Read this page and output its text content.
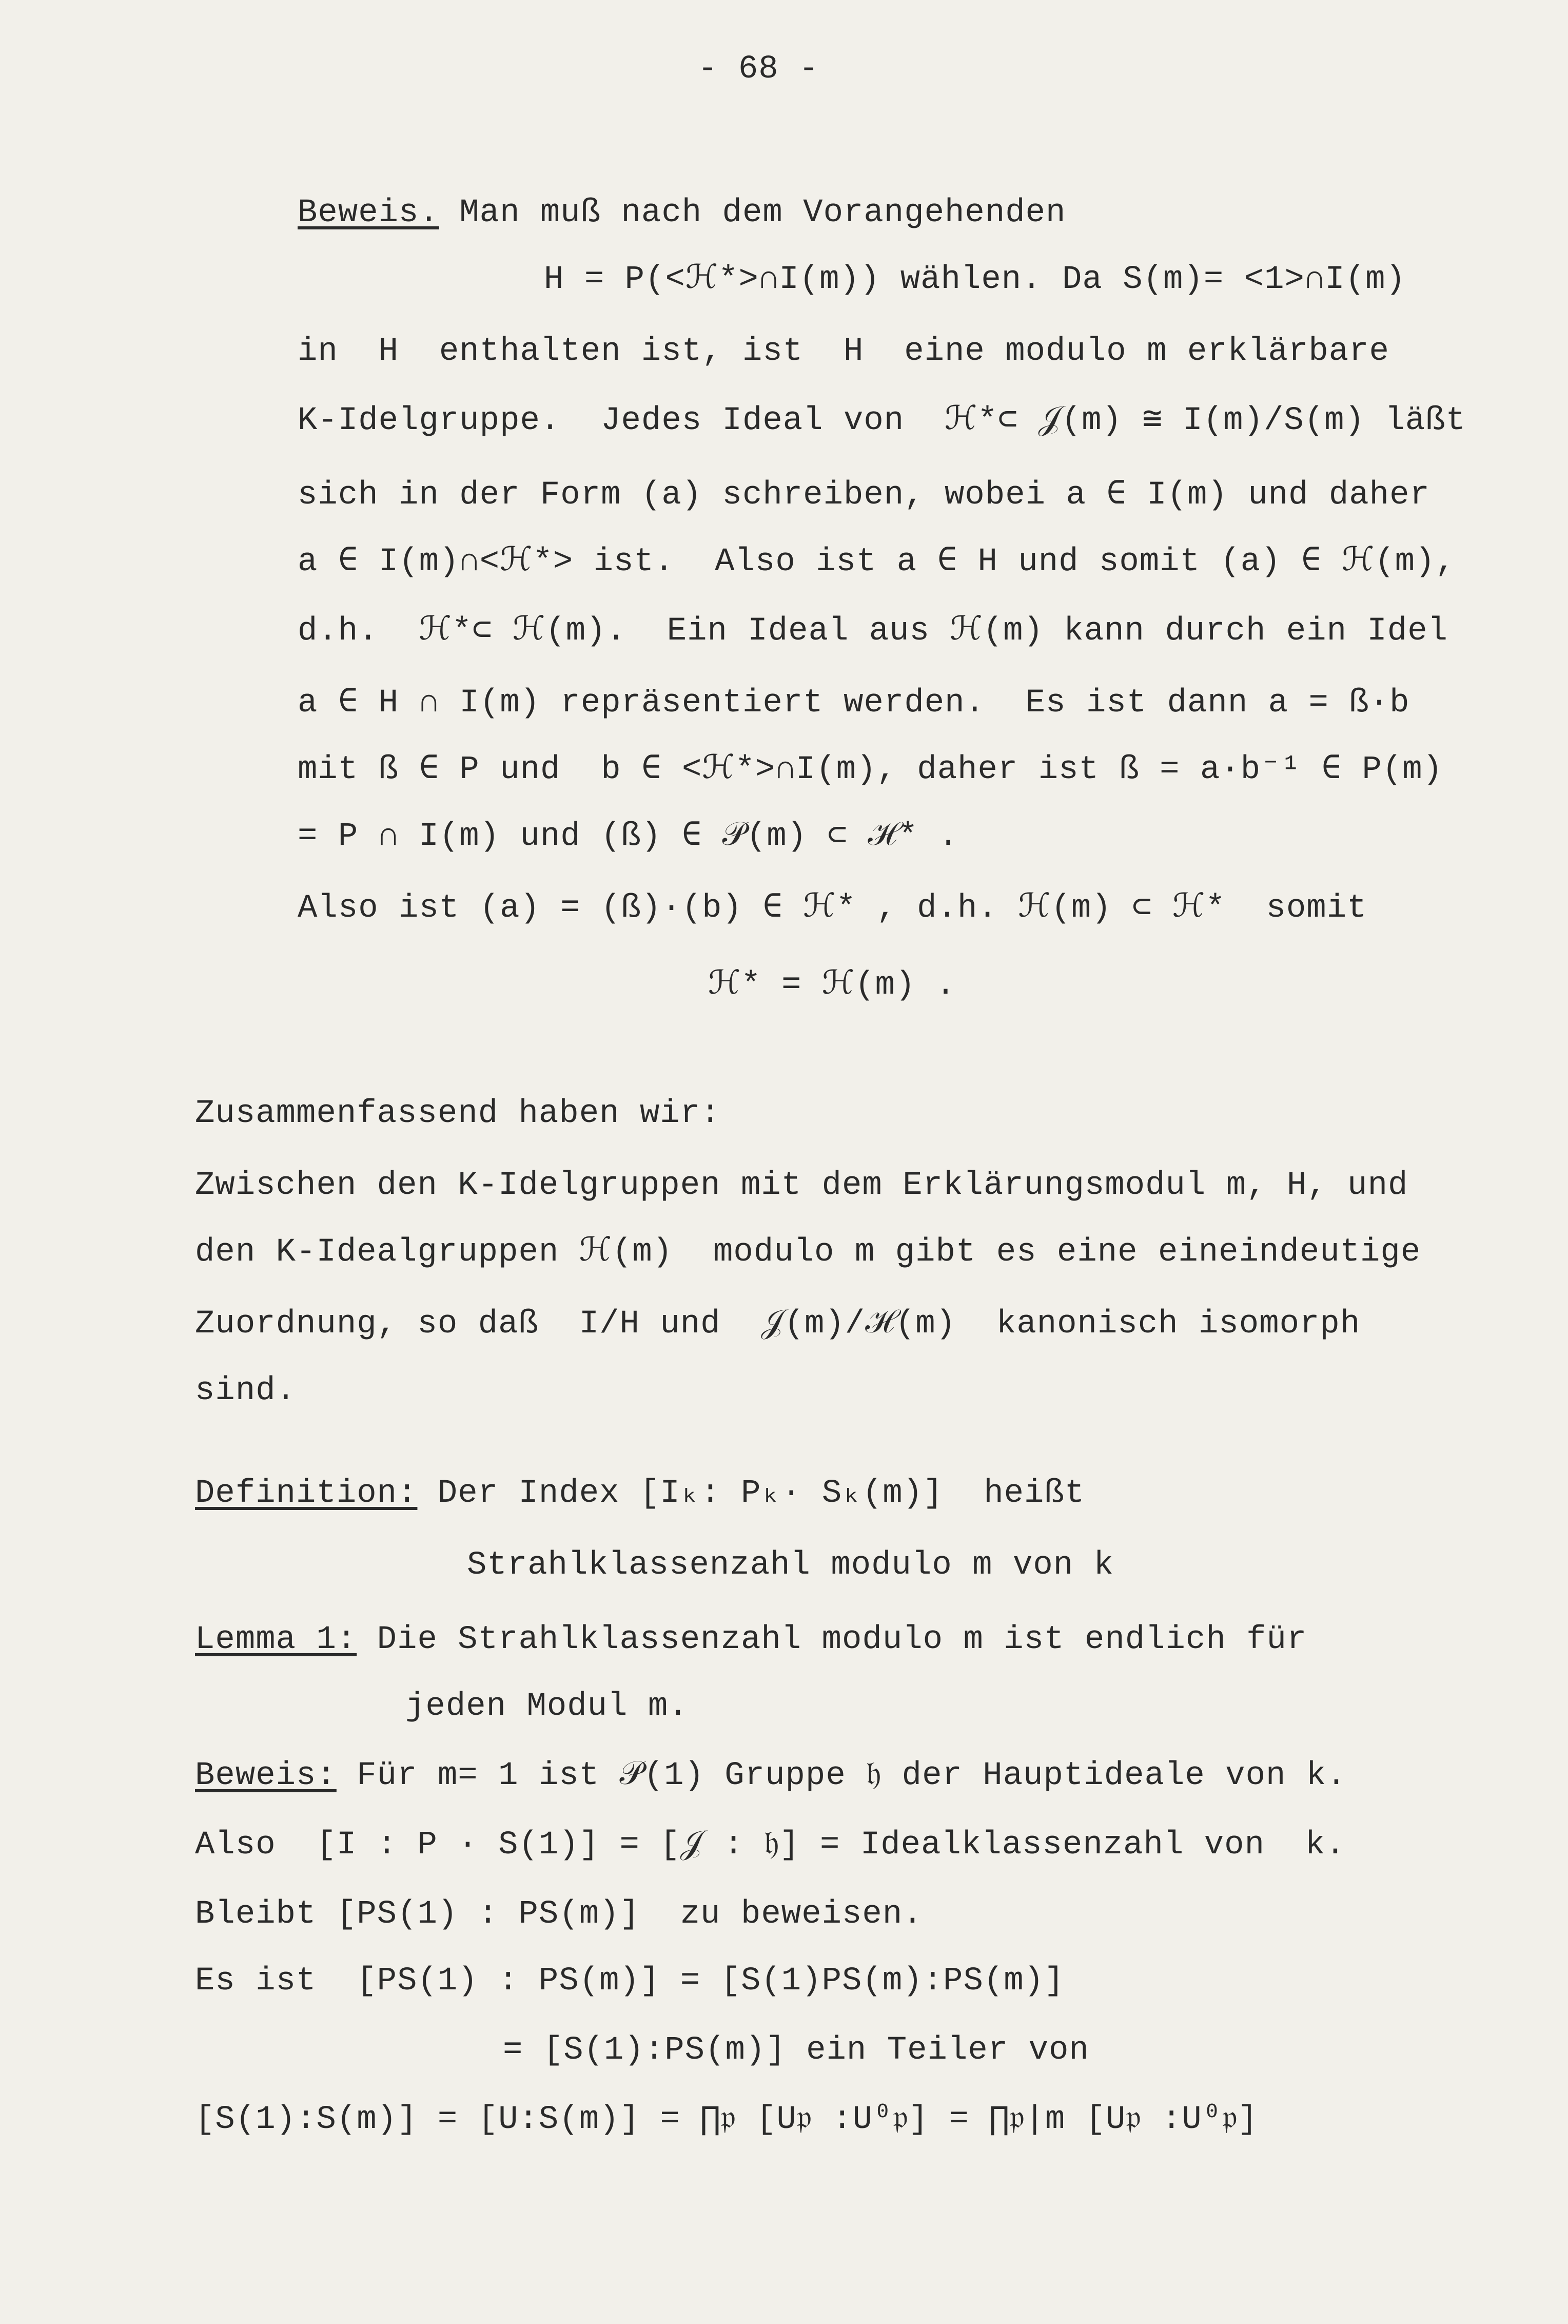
- 68 -
Beweis. Man muß nach dem Vorangehenden
H = P(<ℋ*>∩I(m)) wählen. Da S(m)= <1>∩I(m)
in  H  enthalten ist, ist  H  eine modulo m erklärbare
K-Idelgruppe.  Jedes Ideal von  ℋ*⊂ 𝒥(m) ≅ I(m)/S(m) läßt
sich in der Form (a) schreiben, wobei a ∈ I(m) und daher
a ∈ I(m)∩<ℋ*> ist.  Also ist a ∈ H und somit (a) ∈ ℋ(m),
d.h.  ℋ*⊂ ℋ(m).  Ein Ideal aus ℋ(m) kann durch ein Idel
a ∈ H ∩ I(m) repräsentiert werden.  Es ist dann a = ß·b
mit ß ∈ P und  b ∈ <ℋ*>∩I(m), daher ist ß = a·b⁻¹ ∈ P(m)
= P ∩ I(m) und (ß) ∈ 𝒫(m) ⊂ ℋ* .
Also ist (a) = (ß)·(b) ∈ ℋ* , d.h. ℋ(m) ⊂ ℋ*  somit
ℋ* = ℋ(m) .
Zusammenfassend haben wir:
Zwischen den K-Idelgruppen mit dem Erklärungsmodul m, H, und
den K-Idealgruppen ℋ(m)  modulo m gibt es eine eineindeutige
Zuordnung, so daß  I/H und  𝒥(m)/ℋ(m)  kanonisch isomorph
sind.
Definition: Der Index [Iₖ: Pₖ· Sₖ(m)]  heißt
Strahlklassenzahl modulo m von k
Lemma 1: Die Strahlklassenzahl modulo m ist endlich für
jeden Modul m.
Beweis: Für m= 1 ist 𝒫(1) Gruppe 𝔥 der Hauptideale von k.
Also  [I : P · S(1)] = [𝒥 : 𝔥] = Idealklassenzahl von  k.
Bleibt [PS(1) : PS(m)]  zu beweisen.
Es ist  [PS(1) : PS(m)] = [S(1)PS(m):PS(m)]
= [S(1):PS(m)] ein Teiler von
[S(1):S(m)] = [U:S(m)] = ∏𝔭 [U𝔭 :U⁰𝔭] = ∏𝔭|m [U𝔭 :U⁰𝔭]
